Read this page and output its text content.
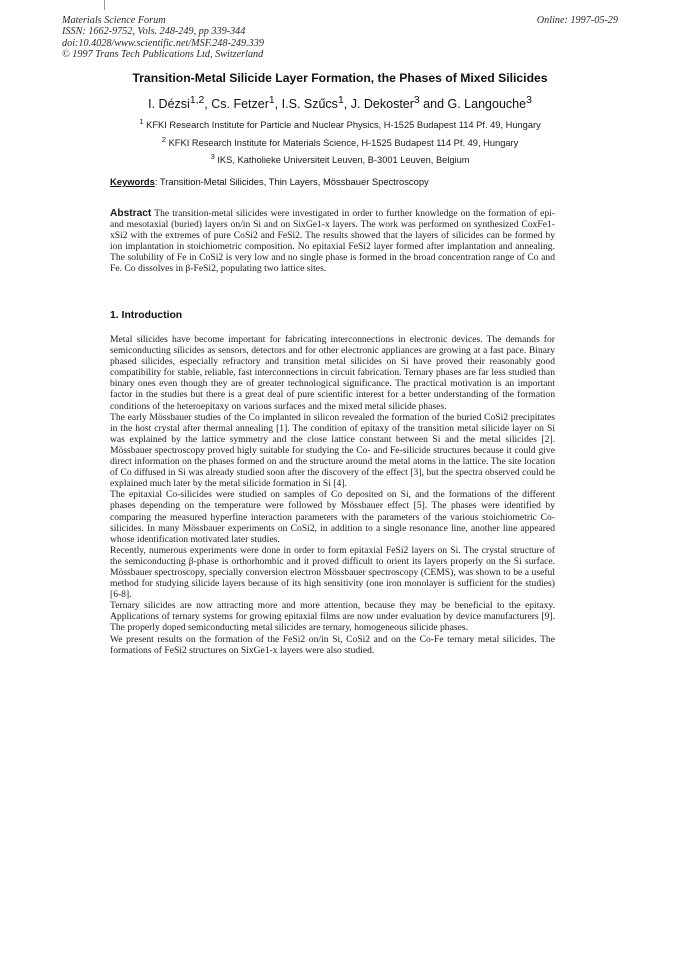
Materials Science Forum
ISSN: 1662-9752, Vols. 248-249, pp 339-344
doi:10.4028/www.scientific.net/MSF.248-249.339
© 1997 Trans Tech Publications Ltd, Switzerland
Online: 1997-05-29
Transition-Metal Silicide Layer Formation, the Phases of Mixed Silicides
I. Dézsi$^{1,2}$, Cs. Fetzer$^1$, I.S. Szűcs$^1$, J. Dekoster$^3$ and G. Langouche$^3$
$^1$ KFKI Research Institute for Particle and Nuclear Physics, H-1525 Budapest 114 Pf. 49, Hungary
$^2$ KFKI Research Institute for Materials Science, H-1525 Budapest 114 Pf. 49, Hungary
$^3$ IKS, Katholieke Universiteit Leuven, B-3001 Leuven, Belgium
Keywords: Transition-Metal Silicides, Thin Layers, Mössbauer Spectroscopy
Abstract The transition-metal silicides were investigated in order to further knowledge on the formation of epi- and mesotaxial (buried) layers on/in Si and on SixGe1-x layers. The work was performed on synthesized CoxFe1-xSi2 with the extremes of pure CoSi2 and FeSi2. The results showed that the layers of silicides can be formed by ion implantation in stoichiometric composition. No epitaxial FeSi2 layer formed after implantation and annealing. The solubility of Fe in CoSi2 is very low and no single phase is formed in the broad concentration range of Co and Fe. Co dissolves in β-FeSi2, populating two lattice sites.
1. Introduction

Metal silicides have become important for fabricating interconnections in electronic devices. The demands for semiconducting silicides as sensors, detectors and for other electronic appliances are growing at a fast pace. Binary phased silicides, especially refractory and transition metal silicides on Si have proved their reasonably good compatibility for stable, reliable, fast interconnections in circuit fabrication. Ternary phases are far less studied than binary ones even though they are of greater technological significance. The practical motivation is an important factor in the studies but there is a great deal of pure scientific interest for a better understanding of the formation conditions of the heteroepitaxy on various surfaces and the mixed metal silicide phases.

The early Mössbauer studies of the Co implanted in silicon revealed the formation of the buried CoSi2 precipitates in the host crystal after thermal annealing [1]. The condition of epitaxy of the transition metal silicide layer on Si was explained by the lattice symmetry and the close lattice constant between Si and the metal silicides [2]. Mössbauer spectroscopy proved higly suitable for studying the Co- and Fe-silicide structures because it could give direct information on the phases formed on and the structure around the metal atoms in the lattice. The site location of Co diffused in Si was already studied soon after the discovery of the effect [3], but the spectra observed could be explained much later by the metal silicide formation in Si [4].

The epitaxial Co-silicides were studied on samples of Co deposited on Si, and the formations of the different phases depending on the temperature were followed by Mössbauer effect [5]. The phases were identified by comparing the measured hyperfine interaction parameters with the parameters of the various stoichiometric Co-silicides. In many Mössbauer experiments on CoSi2, in addition to a single resonance line, another line appeared whose identification motivated later studies.

Recently, numerous experiments were done in order to form epitaxial FeSi2 layers on Si. The crystal structure of the semiconducting β-phase is orthorhombic and it proved difficult to orient its layers properly on the Si surface. Mössbauer spectroscopy, specially conversion electron Mössbauer spectroscopy (CEMS), was shown to be a useful method for studying silicide layers because of its high sensitivity (one iron monolayer is sufficient for the studies) [6-8].

Ternary silicides are now attracting more and more attention, because they may be beneficial to the epitaxy. Applications of ternary systems for growing epitaxial films are now under evaluation by device manufacturers [9]. The properly doped semiconducting metal silicides are ternary, homogeneous silicide phases.

We present results on the formation of the FeSi2 on/in Si, CoSi2 and on the Co-Fe ternary metal silicides. The formations of FeSi2 structures on SixGe1-x layers were also studied.
